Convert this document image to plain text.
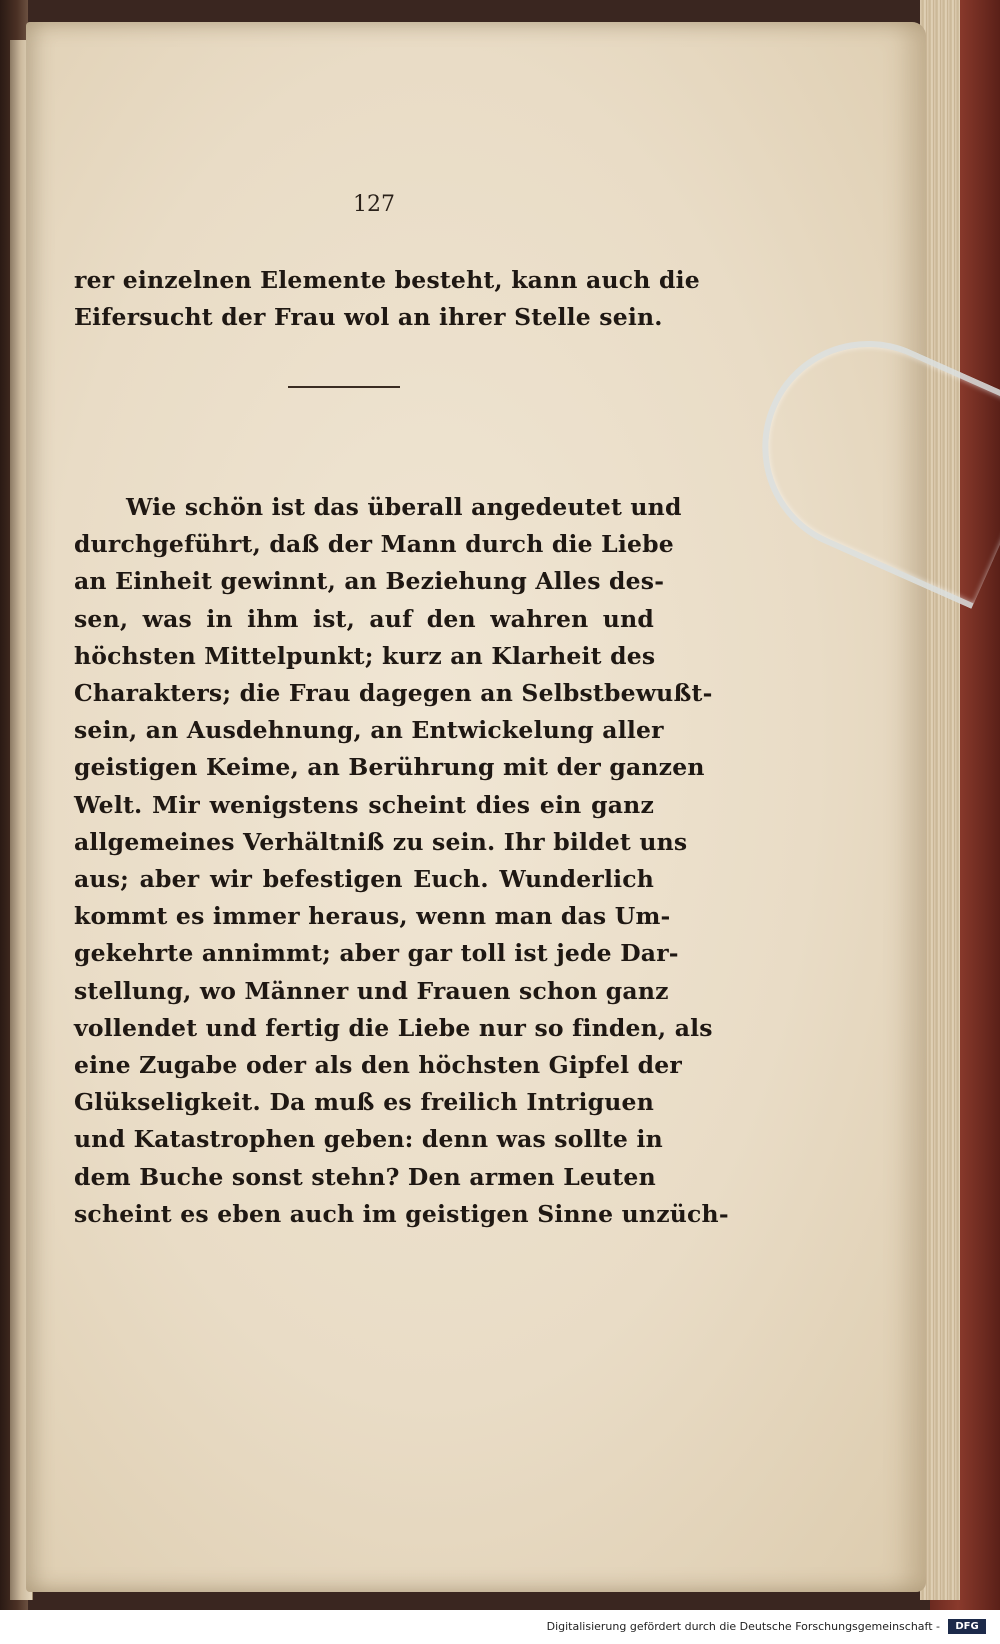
127
rer einzelnen Elemente besteht, kann auch die
Eifersucht der Frau wol an ihrer Stelle sein.
Wie schön ist das überall angedeutet und
durchgeführt, daß der Mann durch die Liebe
an Einheit gewinnt, an Beziehung Alles des-
sen, was in ihm ist, auf den wahren und
höchsten Mittelpunkt; kurz an Klarheit des
Charakters; die Frau dagegen an Selbstbewußt-
sein, an Ausdehnung, an Entwickelung aller
geistigen Keime, an Berührung mit der ganzen
Welt. Mir wenigstens scheint dies ein ganz
allgemeines Verhältniß zu sein. Ihr bildet uns
aus; aber wir befestigen Euch. Wunderlich
kommt es immer heraus, wenn man das Um-
gekehrte annimmt; aber gar toll ist jede Dar-
stellung, wo Männer und Frauen schon ganz
vollendet und fertig die Liebe nur so finden, als
eine Zugabe oder als den höchsten Gipfel der
Glükseligkeit. Da muß es freilich Intriguen
und Katastrophen geben: denn was sollte in
dem Buche sonst stehn? Den armen Leuten
scheint es eben auch im geistigen Sinne unzüch-
Digitalisierung gefördert durch die Deutsche Forschungsgemeinschaft -	DFG
